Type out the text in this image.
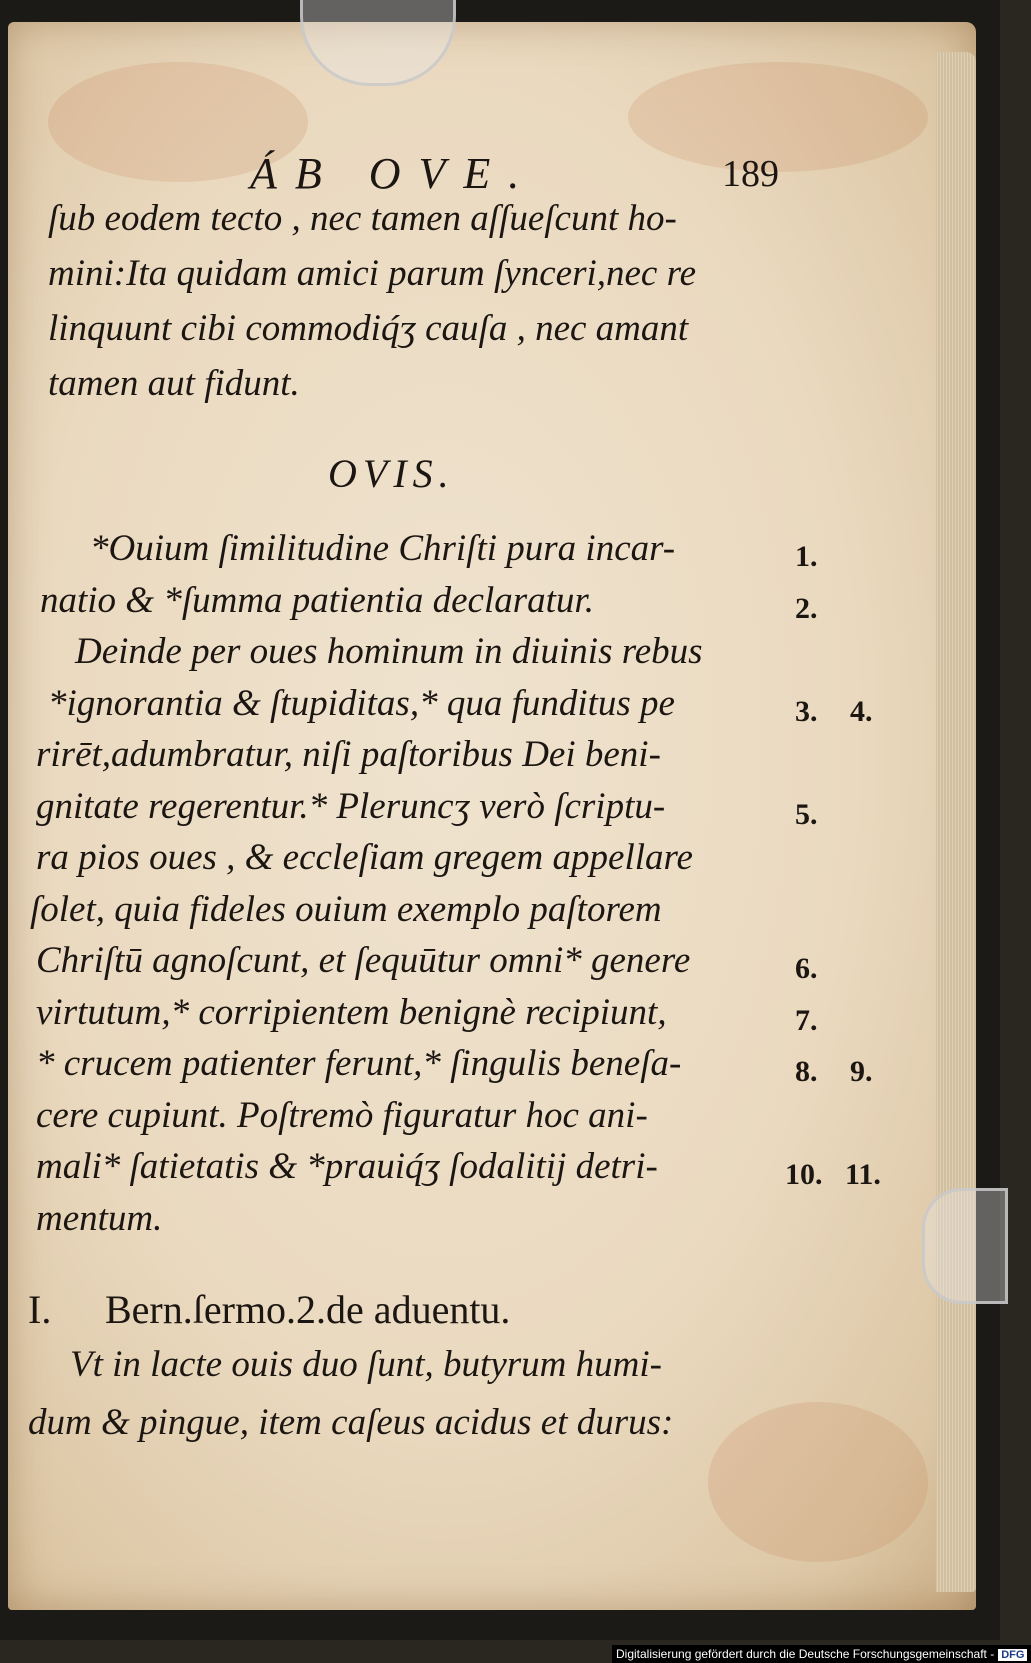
ÁB OVE.	189
ſub eodem tecto , nec tamen aſſueſcunt ho-
mini:Ita quidam amici parum ſynceri,nec re
linquunt cibi commodiq́ʒ cauſa , nec amant
tamen aut fidunt.
OVIS.
*Ouium ſimilitudine Chriſti pura incar-
natio & *ſumma patientia declaratur.
Deinde per oues hominum in diuinis rebus
*ignorantia & ſtupiditas,* qua funditus pe
rirēt,adumbratur, niſi paſtoribus Dei beni-
gnitate regerentur.* Pleruncʒ verò ſcriptu-
ra pios oues , & eccleſiam gregem appellare
ſolet, quia fideles ouium exemplo paſtorem
Chriſtū agnoſcunt, et ſequūtur omni* genere
virtutum,* corripientem benignè recipiunt,
* crucem patienter ferunt,* ſingulis beneſa-
cere cupiunt. Poſtremò figuratur hoc ani-
mali* ſatietatis & *prauiq́ʒ ſodalitij detri-
mentum.
1.
2.
3. 4.
5.
6.
7.
8. 9.
10. 11.
I. Bern.ſermo.2.de aduentu.
Vt in lacte ouis duo ſunt, butyrum humi-
dum & pingue, item caſeus acidus et durus:
Digitalisierung gefördert durch die Deutsche Forschungsgemeinschaft - DFG
